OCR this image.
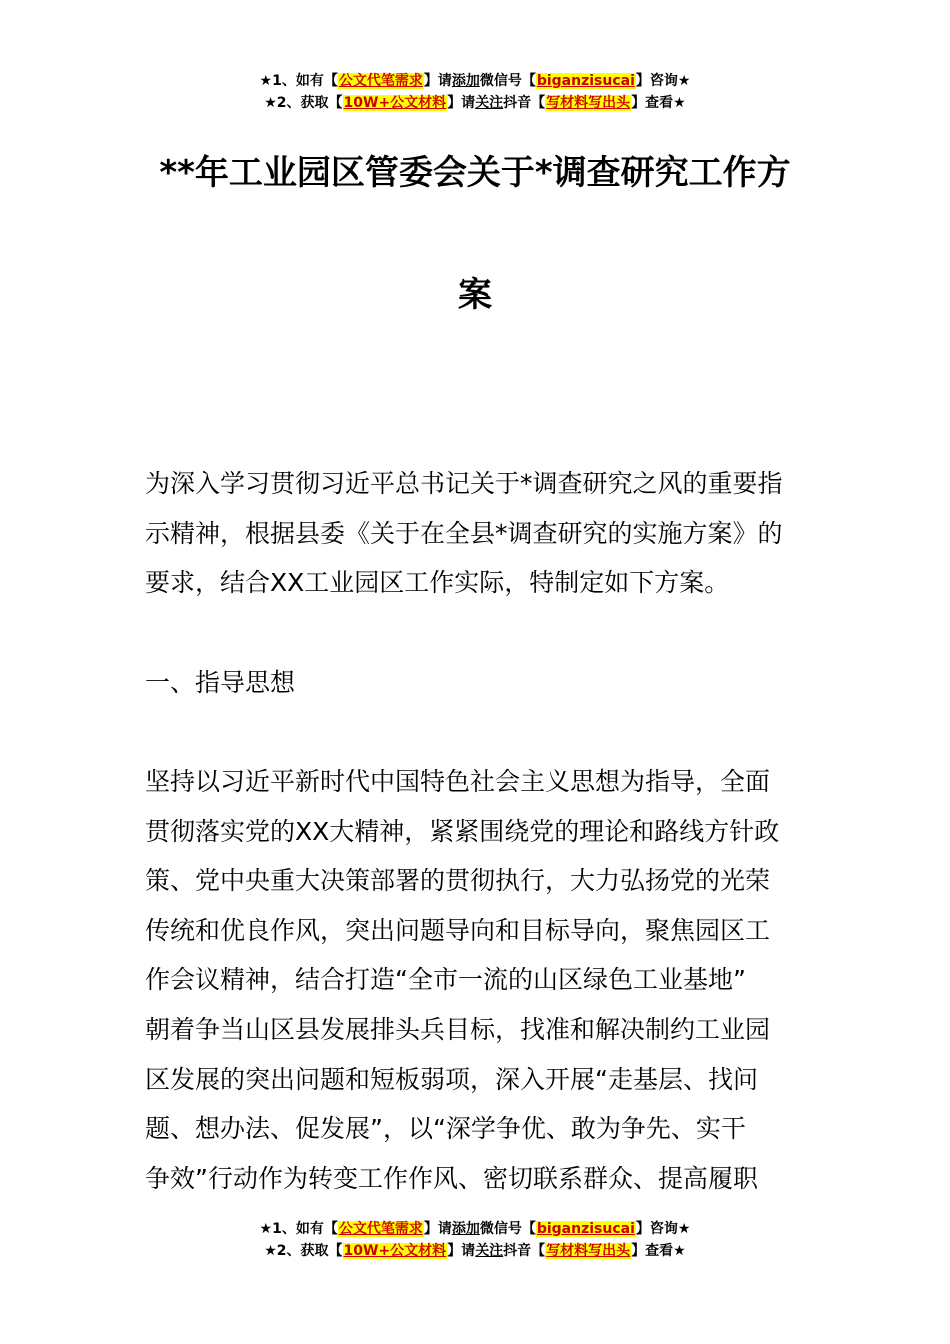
★1、如有【公文代笔需求】请添加微信号【biganzisucai】咨询★
★2、获取【10W+公文材料】请关注抖音【写材料写出头】查看★
**年工业园区管委会关于*调查研究工作方
案

为深入学习贯彻习近平总书记关于*调查研究之风的重要指
示精神，根据县委《关于在全县*调查研究的实施方案》的
要求，结合XX工业园区工作实际，特制定如下方案。

一、指导思想

坚持以习近平新时代中国特色社会主义思想为指导，全面
贯彻落实党的XX大精神，紧紧围绕党的理论和路线方针政
策、党中央重大决策部署的贯彻执行，大力弘扬党的光荣
传统和优良作风，突出问题导向和目标导向，聚焦园区工
作会议精神，结合打造“全市一流的山区绿色工业基地”
朝着争当山区县发展排头兵目标，找准和解决制约工业园
区发展的突出问题和短板弱项，深入开展“走基层、找问
题、想办法、促发展”，以“深学争优、敢为争先、实干
争效”行动作为转变工作作风、密切联系群众、提高履职

★1、如有【公文代笔需求】请添加微信号【biganzisucai】咨询★
★2、获取【10W+公文材料】请关注抖音【写材料写出头】查看★
